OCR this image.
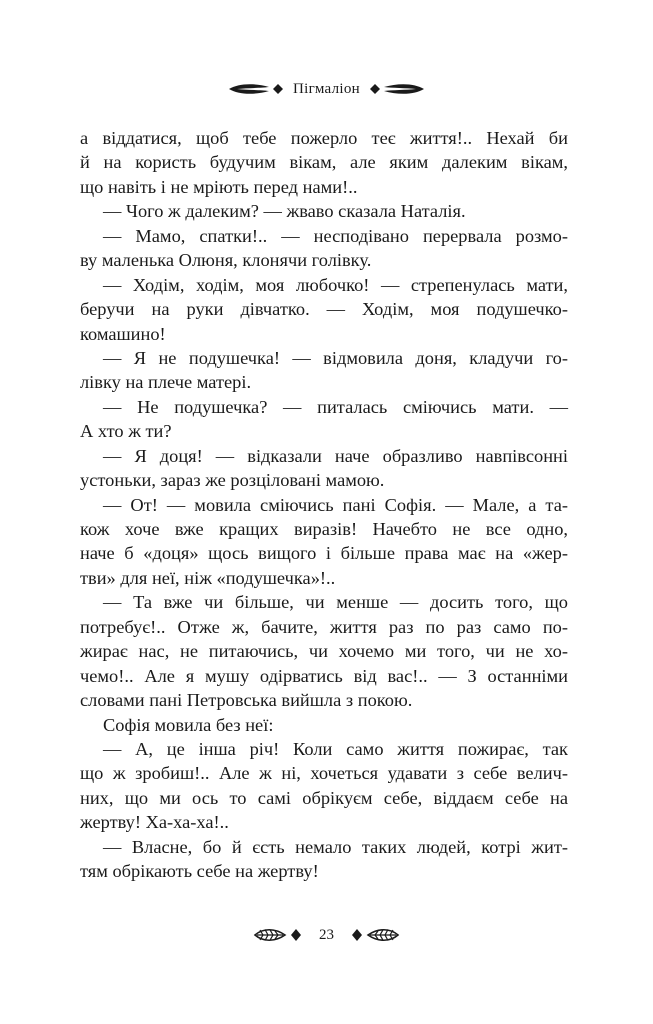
Пігмаліон
а віддатися, щоб тебе пожерло теє життя!.. Нехай би
й на користь будучим вікам, але яким далеким вікам,
що навіть і не мріють перед нами!..
— Чого ж далеким? — жваво сказала Наталія.
— Мамо, спатки!.. — несподівано перервала розмо-
ву маленька Олюня, клонячи голівку.
— Ходім, ходім, моя любочко! — стрепенулась мати,
беручи на руки дівчатко. — Ходім, моя подушечко-
комашино!
— Я не подушечка! — відмовила доня, кладучи го-
лівку на плече матері.
— Не подушечка? — питалась сміючись мати. —
А хто ж ти?
— Я доця! — відказали наче образливо навпівсонні
устоньки, зараз же розціловані мамою.
— От! — мовила сміючись пані Софія. — Мале, а та-
кож хоче вже кращих виразів! Начебто не все одно,
наче б «доця» щось вищого і більше права має на «жер-
тви» для неї, ніж «подушечка»!..
— Та вже чи більше, чи менше — досить того, що
потребує!.. Отже ж, бачите, життя раз по раз само по-
жирає нас, не питаючись, чи хочемо ми того, чи не хо-
чемо!.. Але я мушу одірватись від вас!.. — З останніми
словами пані Петровська вийшла з покою.
Софія мовила без неї:
— А, це інша річ! Коли само життя пожирає, так
що ж зробиш!.. Але ж ні, хочеться удавати з себе велич-
них, що ми ось то самі обрікуєм себе, віддаєм себе на
жертву! Ха-ха-ха!..
— Власне, бо й єсть немало таких людей, котрі жит-
тям обрікають себе на жертву!
23
